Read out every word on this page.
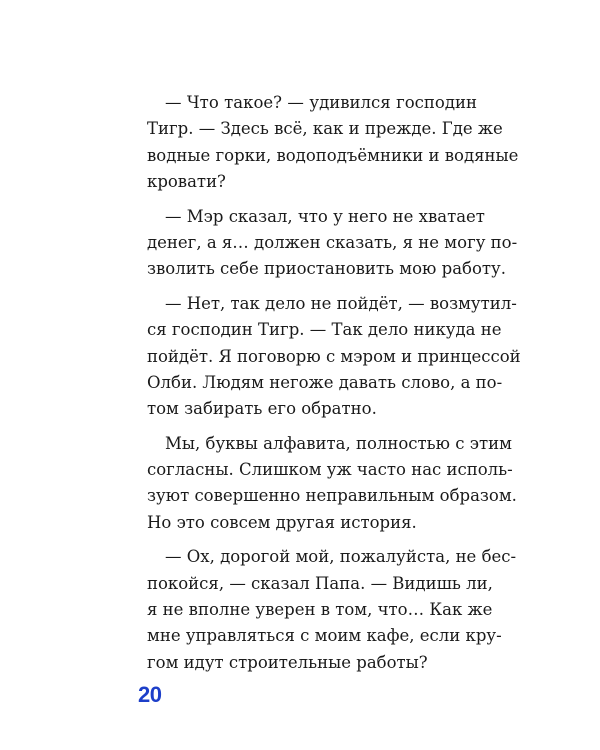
— Что такое? — удивился господин
Тигр. — Здесь всё, как и прежде. Где же
водные горки, водоподъёмники и водяные
кровати?
— Мэр сказал, что у него не хватает
денег, а я… должен сказать, я не могу по-
зволить себе приостановить мою работу.
— Нет, так дело не пойдёт, — возмутил-
ся господин Тигр. — Так дело никуда не
пойдёт. Я поговорю с мэром и принцессой
Олби. Людям негоже давать слово, а по-
том забирать его обратно.
Мы, буквы алфавита, полностью с этим
согласны. Слишком уж часто нас исполь-
зуют совершенно неправильным образом.
Но это совсем другая история.
— Ох, дорогой мой, пожалуйста, не бес-
покойся, — сказал Папа. — Видишь ли,
я не вполне уверен в том, что… Как же
мне управляться с моим кафе, если кру-
гом идут строительные работы?
20
